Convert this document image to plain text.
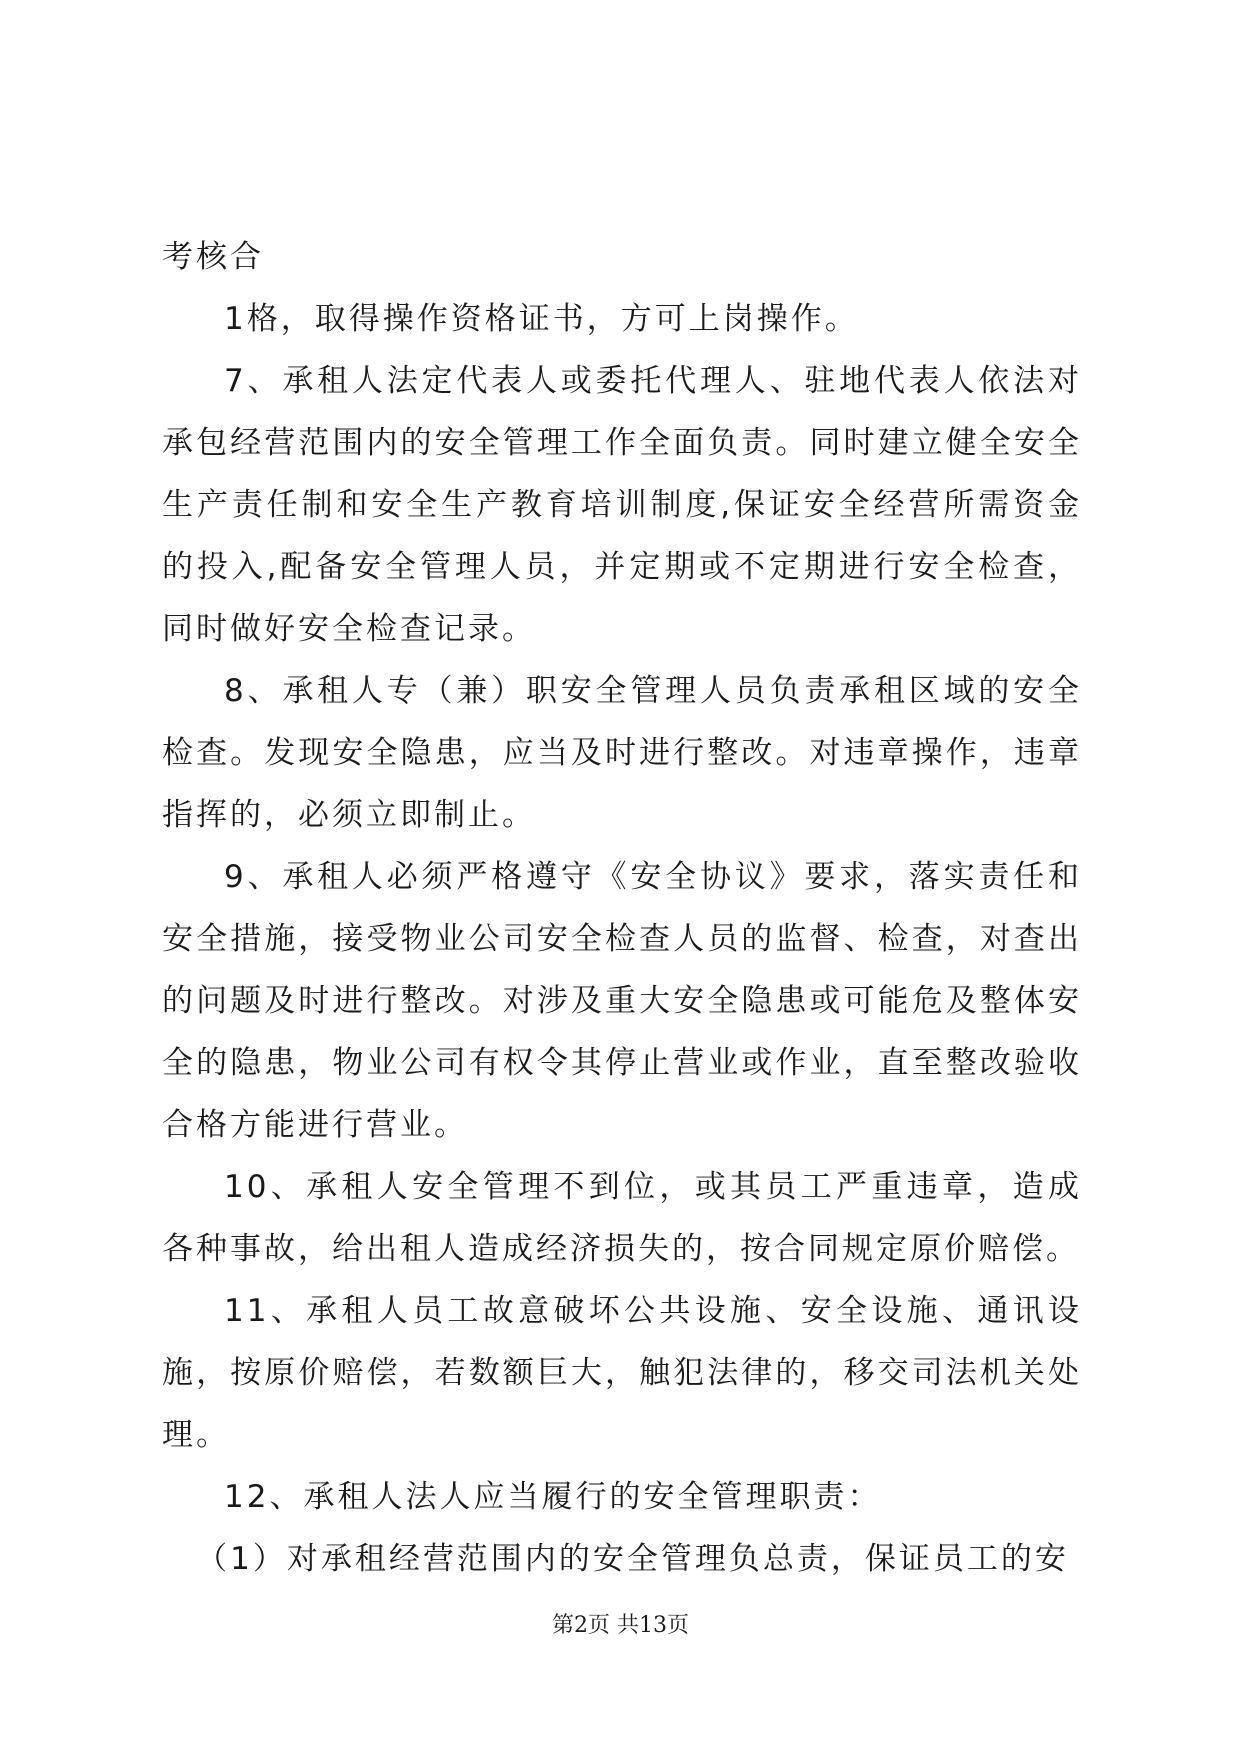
考核合

1格，取得操作资格证书，方可上岗操作。

7、承租人法定代表人或委托代理人、驻地代表人依法对承包经营范围内的安全管理工作全面负责。同时建立健全安全生产责任制和安全生产教育培训制度,保证安全经营所需资金的投入,配备安全管理人员，并定期或不定期进行安全检查，同时做好安全检查记录。

8、承租人专（兼）职安全管理人员负责承租区域的安全检查。发现安全隐患，应当及时进行整改。对违章操作，违章指挥的，必须立即制止。

9、承租人必须严格遵守《安全协议》要求，落实责任和安全措施，接受物业公司安全检查人员的监督、检查，对查出的问题及时进行整改。对涉及重大安全隐患或可能危及整体安全的隐患，物业公司有权令其停止营业或作业，直至整改验收合格方能进行营业。

10、承租人安全管理不到位，或其员工严重违章，造成各种事故，给出租人造成经济损失的，按合同规定原价赔偿。

11、承租人员工故意破坏公共设施、安全设施、通讯设施，按原价赔偿，若数额巨大，触犯法律的，移交司法机关处理。

12、承租人法人应当履行的安全管理职责：

（1）对承租经营范围内的安全管理负总责，保证员工的安

第2页 共13页
